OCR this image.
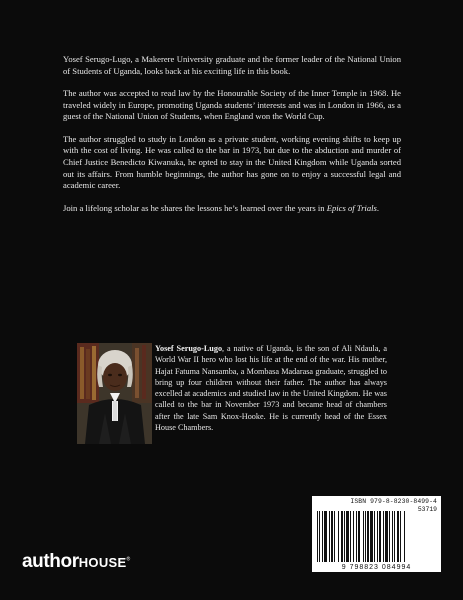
Yosef Serugo-Lugo, a Makerere University graduate and the former leader of the National Union of Students of Uganda, looks back at his exciting life in this book.

The author was accepted to read law by the Honourable Society of the Inner Temple in 1968. He traveled widely in Europe, promoting Uganda students’ interests and was in London in 1966, as a guest of the National Union of Students, when England won the World Cup.

The author struggled to study in London as a private student, working evening shifts to keep up with the cost of living. He was called to the bar in 1973, but due to the abduction and murder of Chief Justice Benedicto Kiwanuka, he opted to stay in the United Kingdom while Uganda sorted out its affairs. From humble beginnings, the author has gone on to enjoy a successful legal and academic career.

Join a lifelong scholar as he shares the lessons he’s learned over the years in Epics of Trials.

Yosef Serugo-Lugo, a native of Uganda, is the son of Ali Ndaula, a World War II hero who lost his life at the end of the war. His mother, Hajat Fatuma Nansamba, a Mombasa Madarasa graduate, struggled to bring up four children without their father. The author has always excelled at academics and studied law in the United Kingdom. He was called to the bar in November 1973 and became head of chambers after the late Sam Knox-Hooke. He is currently head of the Essex House Chambers.

authorHOUSE®
ISBN 979-8-8230-8499-4
53719
9 798823 084994
